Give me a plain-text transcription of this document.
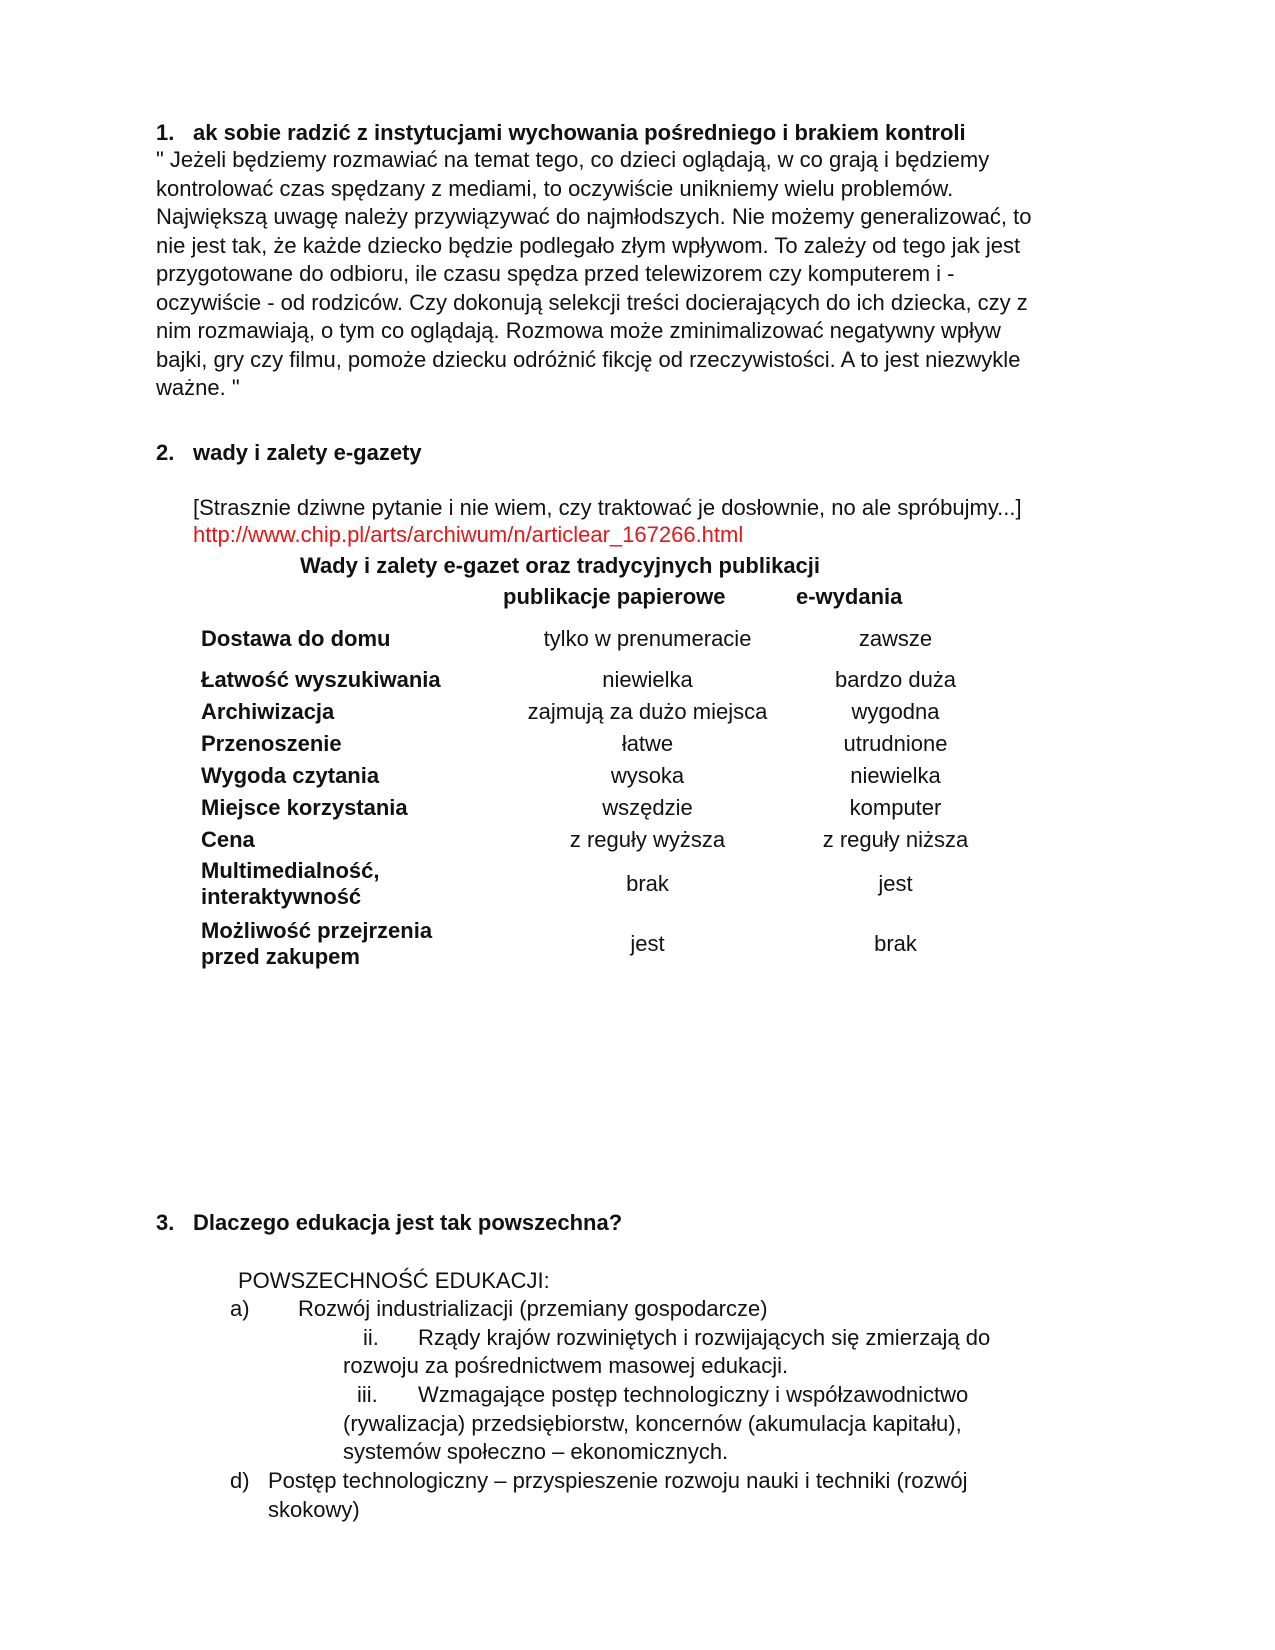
1. ak sobie radzić z instytucjami wychowania pośredniego i brakiem kontroli
" Jeżeli będziemy rozmawiać na temat tego, co dzieci oglądają, w co grają i będziemy
kontrolować czas spędzany z mediami, to oczywiście unikniemy wielu problemów.
Największą uwagę należy przywiązywać do najmłodszych. Nie możemy generalizować, to
nie jest tak, że każde dziecko będzie podlegało złym wpływom. To zależy od tego jak jest
przygotowane do odbioru, ile czasu spędza przed telewizorem czy komputerem i -
oczywiście - od rodziców. Czy dokonują selekcji treści docierających do ich dziecka, czy z
nim rozmawiają, o tym co oglądają. Rozmowa może zminimalizować negatywny wpływ
bajki, gry czy filmu, pomoże dziecku odróżnić fikcję od rzeczywistości. A to jest niezwykle
ważne. "
2. wady i zalety e-gazety
[Strasznie dziwne pytanie i nie wiem, czy traktować je dosłownie, no ale spróbujmy...]
http://www.chip.pl/arts/archiwum/n/articlear_167266.html
Wady i zalety e-gazet oraz tradycyjnych publikacji
publikacje papierowe	e-wydania
Dostawa do domu	tylko w prenumeracie	zawsze
Łatwość wyszukiwania	niewielka	bardzo duża
Archiwizacja	zajmują za dużo miejsca	wygodna
Przenoszenie	łatwe	utrudnione
Wygoda czytania	wysoka	niewielka
Miejsce korzystania	wszędzie	komputer
Cena	z reguły wyższa	z reguły niższa
Multimedialność,
interaktywność
brak	jest
Możliwość przejrzenia
przed zakupem
jest	brak
3. Dlaczego edukacja jest tak powszechna?
POWSZECHNOŚĆ EDUKACJI:
a) Rozwój industrializacji (przemiany gospodarcze)
ii. Rządy krajów rozwiniętych i rozwijających się zmierzają do
rozwoju za pośrednictwem masowej edukacji.
iii. Wzmagające postęp technologiczny i współzawodnictwo
(rywalizacja) przedsiębiorstw, koncernów (akumulacja kapitału),
systemów społeczno – ekonomicznych.
d) Postęp technologiczny – przyspieszenie rozwoju nauki i techniki (rozwój
skokowy)
